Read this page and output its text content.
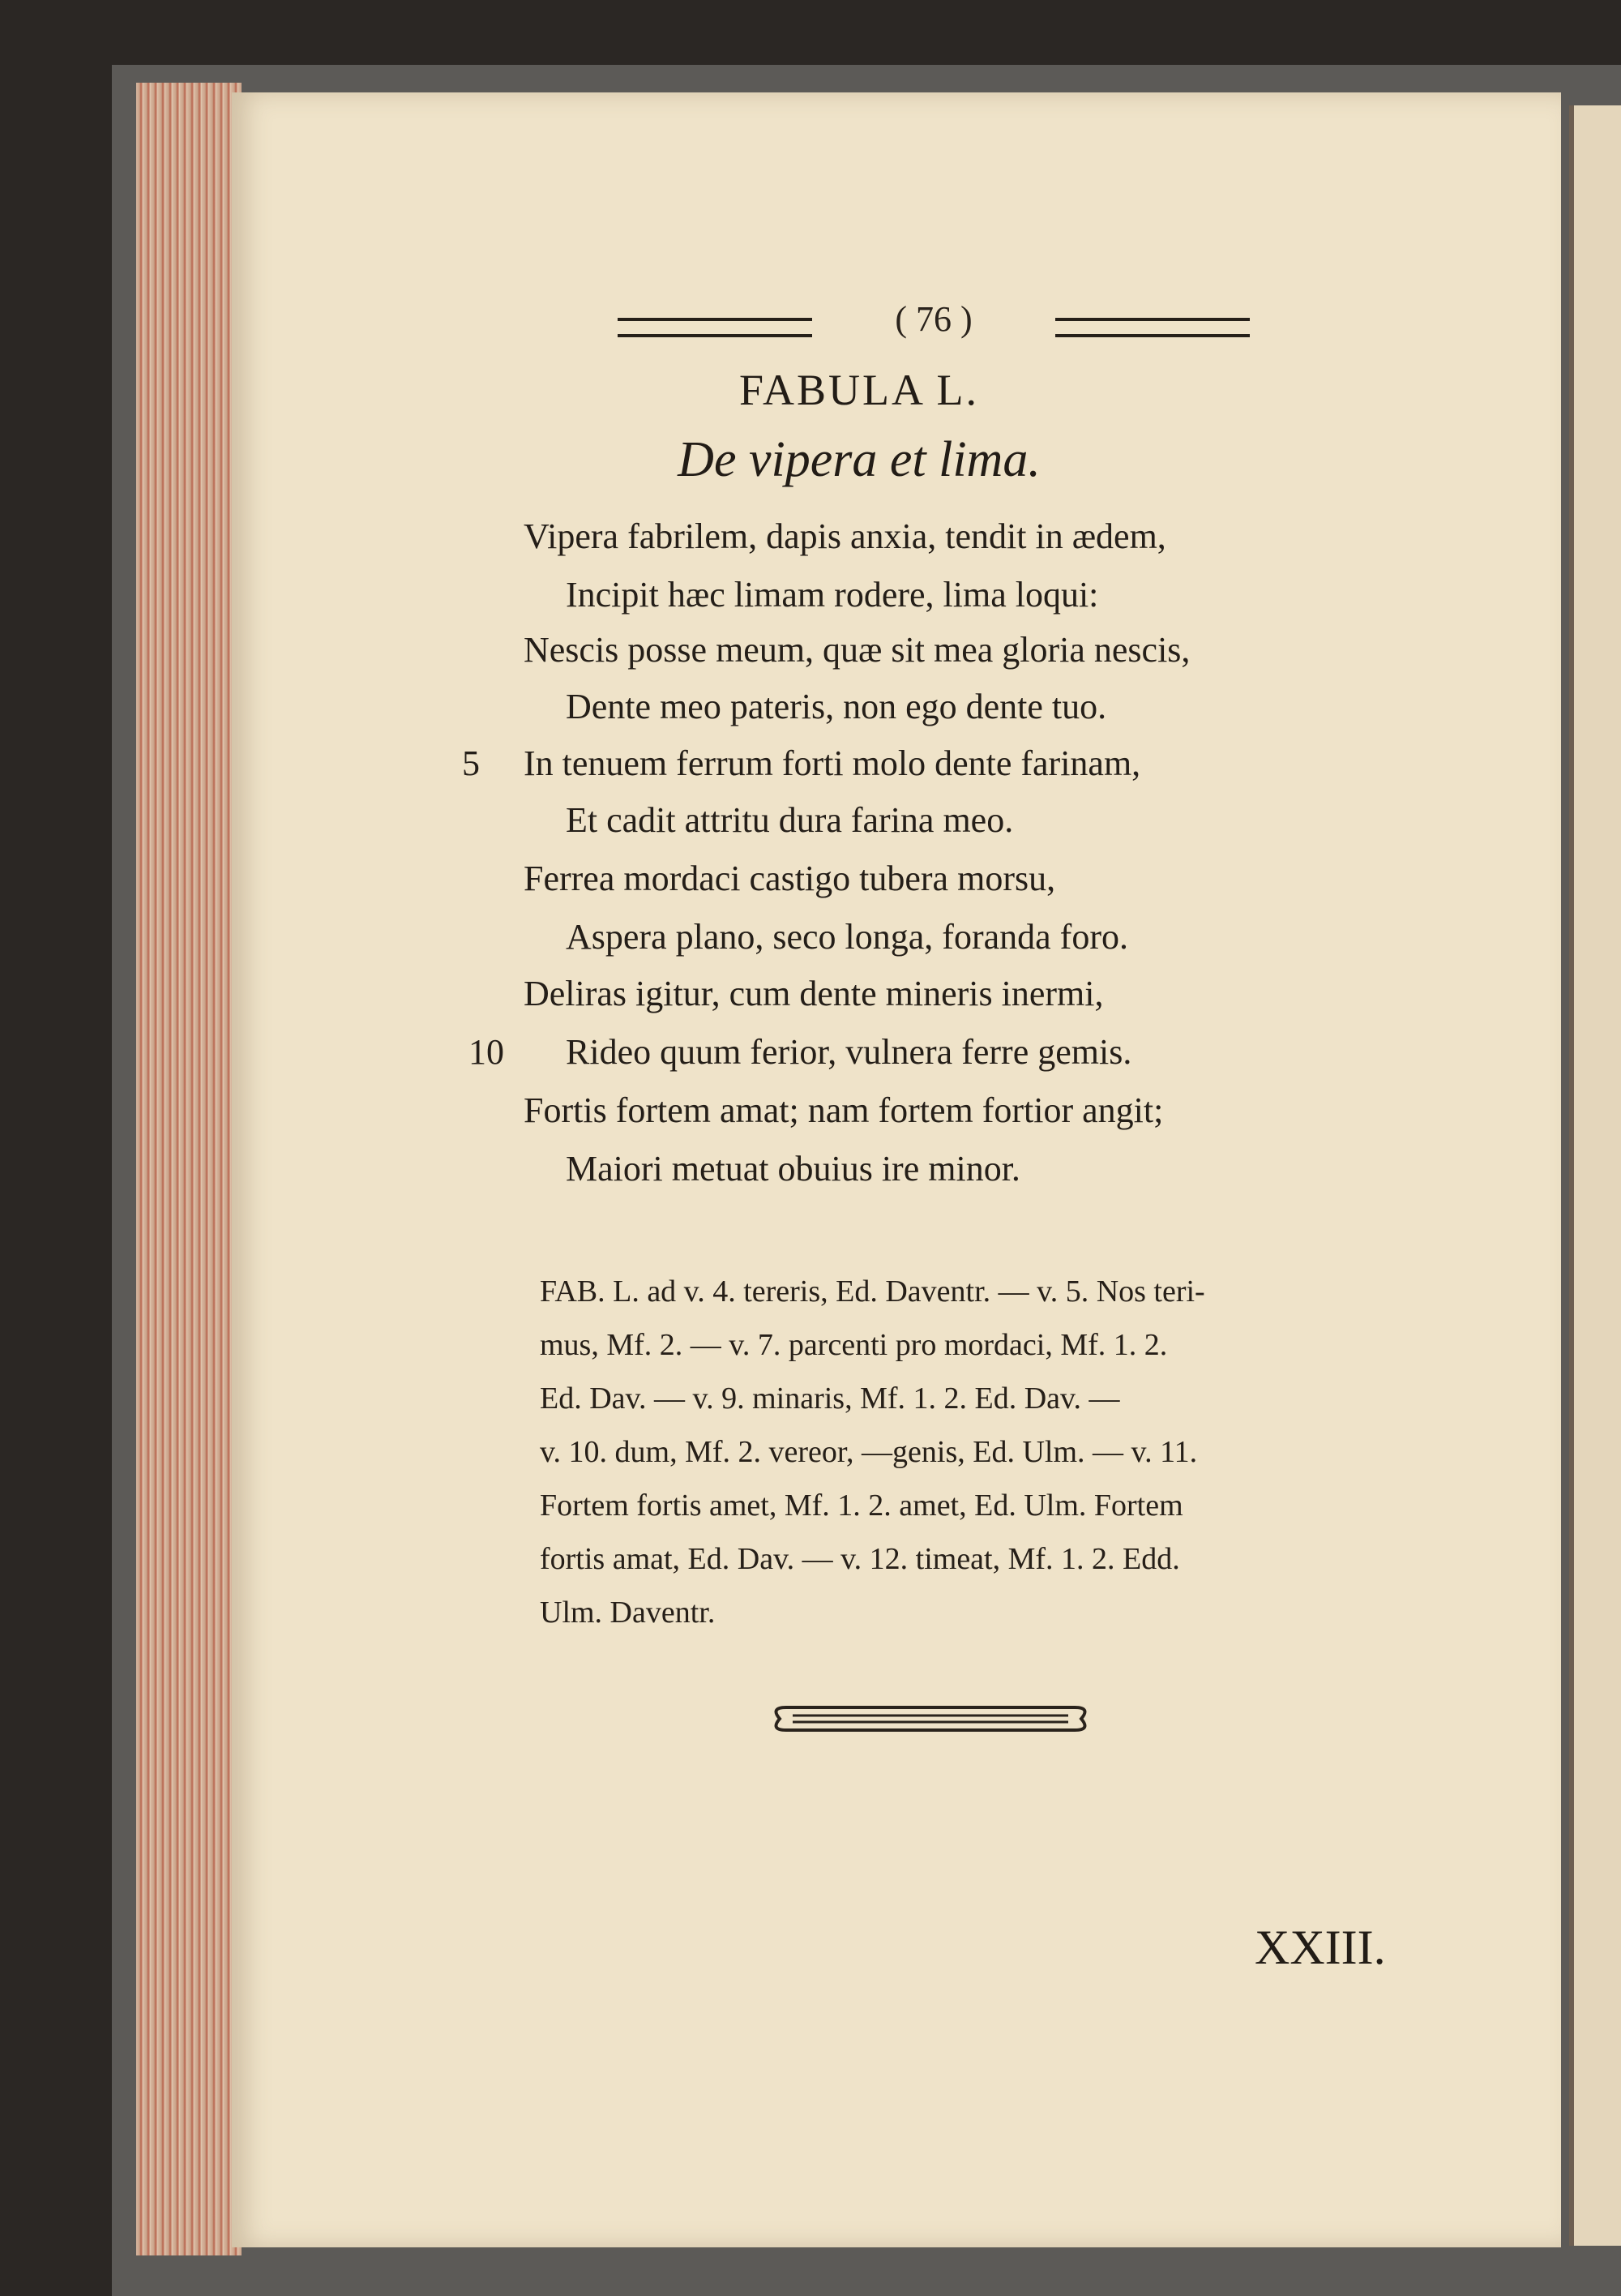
( 76 )
FABULA L.
De vipera et lima.
Vipera fabrilem, dapis anxia, tendit in ædem,
Incipit hæc limam rodere, lima loqui:
Nescis posse meum, quæ sit mea gloria nescis,
Dente meo pateris, non ego dente tuo.
5 In tenuem ferrum forti molo dente farinam,
Et cadit attritu dura farina meo.
Ferrea mordaci castigo tubera morsu,
Aspera plano, seco longa, foranda foro.
Deliras igitur, cum dente mineris inermi,
10 Rideo quum ferior, vulnera ferre gemis.
Fortis fortem amat; nam fortem fortior angit;
Maiori metuat obuius ire minor.
FAB. L. ad v. 4. tereris, Ed. Daventr. — v. 5. Nos teri-
mus, Mf. 2. — v. 7. parcenti pro mordaci, Mf. 1. 2.
Ed. Dav. — v. 9. minaris, Mf. 1. 2. Ed. Dav. —
v. 10. dum, Mf. 2. vereor, —genis, Ed. Ulm. — v. 11.
Fortem fortis amet, Mf. 1. 2. amet, Ed. Ulm. Fortem
fortis amat, Ed. Dav. — v. 12. timeat, Mf. 1. 2. Edd.
Ulm. Daventr.
XXIII.
